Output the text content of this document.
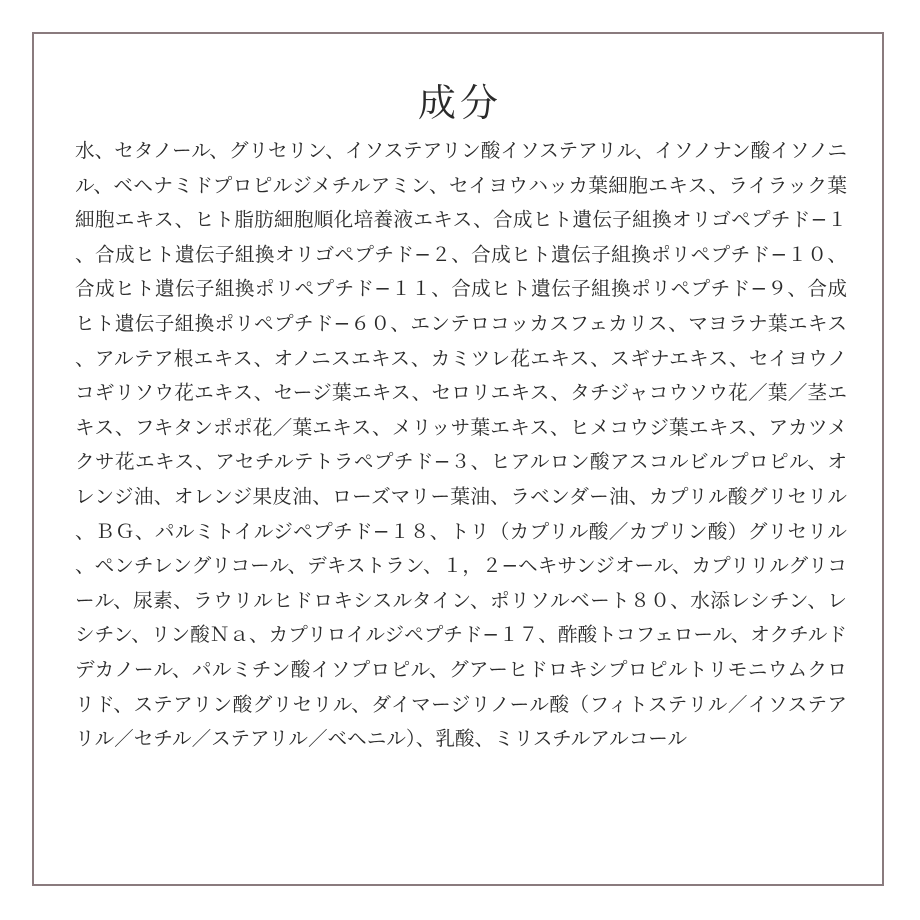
成分

水、セタノール、グリセリン、イソステアリン酸イソステアリル、イソノナン酸イソノニル、ベヘナミドプロピルジメチルアミン、セイヨウハッカ葉細胞エキス、ライラック葉細胞エキス、ヒト脂肪細胞順化培養液エキス、合成ヒト遺伝子組換オリゴペプチド−１、合成ヒト遺伝子組換オリゴペプチド−２、合成ヒト遺伝子組換ポリペプチド−１０、合成ヒト遺伝子組換ポリペプチド−１１、合成ヒト遺伝子組換ポリペプチド−９、合成ヒト遺伝子組換ポリペプチド−６０、エンテロコッカスフェカリス、マヨラナ葉エキス、アルテア根エキス、オノニスエキス、カミツレ花エキス、スギナエキス、セイヨウノコギリソウ花エキス、セージ葉エキス、セロリエキス、タチジャコウソウ花／葉／茎エキス、フキタンポポ花／葉エキス、メリッサ葉エキス、ヒメコウジ葉エキス、アカツメクサ花エキス、アセチルテトラペプチド−３、ヒアルロン酸アスコルビルプロピル、オレンジ油、オレンジ果皮油、ローズマリー葉油、ラベンダー油、カプリル酸グリセリル、ＢＧ、パルミトイルジペプチド−１８、トリ（カプリル酸／カプリン酸）グリセリル、ペンチレングリコール、デキストラン、１，２−ヘキサンジオール、カプリリルグリコール、尿素、ラウリルヒドロキシスルタイン、ポリソルベート８０、水添レシチン、レシチン、リン酸Ｎａ、カプリロイルジペプチド−１７、酢酸トコフェロール、オクチルドデカノール、パルミチン酸イソプロピル、グアーヒドロキシプロピルトリモニウムクロリド、ステアリン酸グリセリル、ダイマージリノール酸（フィトステリル／イソステアリル／セチル／ステアリル／ベヘニル）、乳酸、ミリスチルアルコール
